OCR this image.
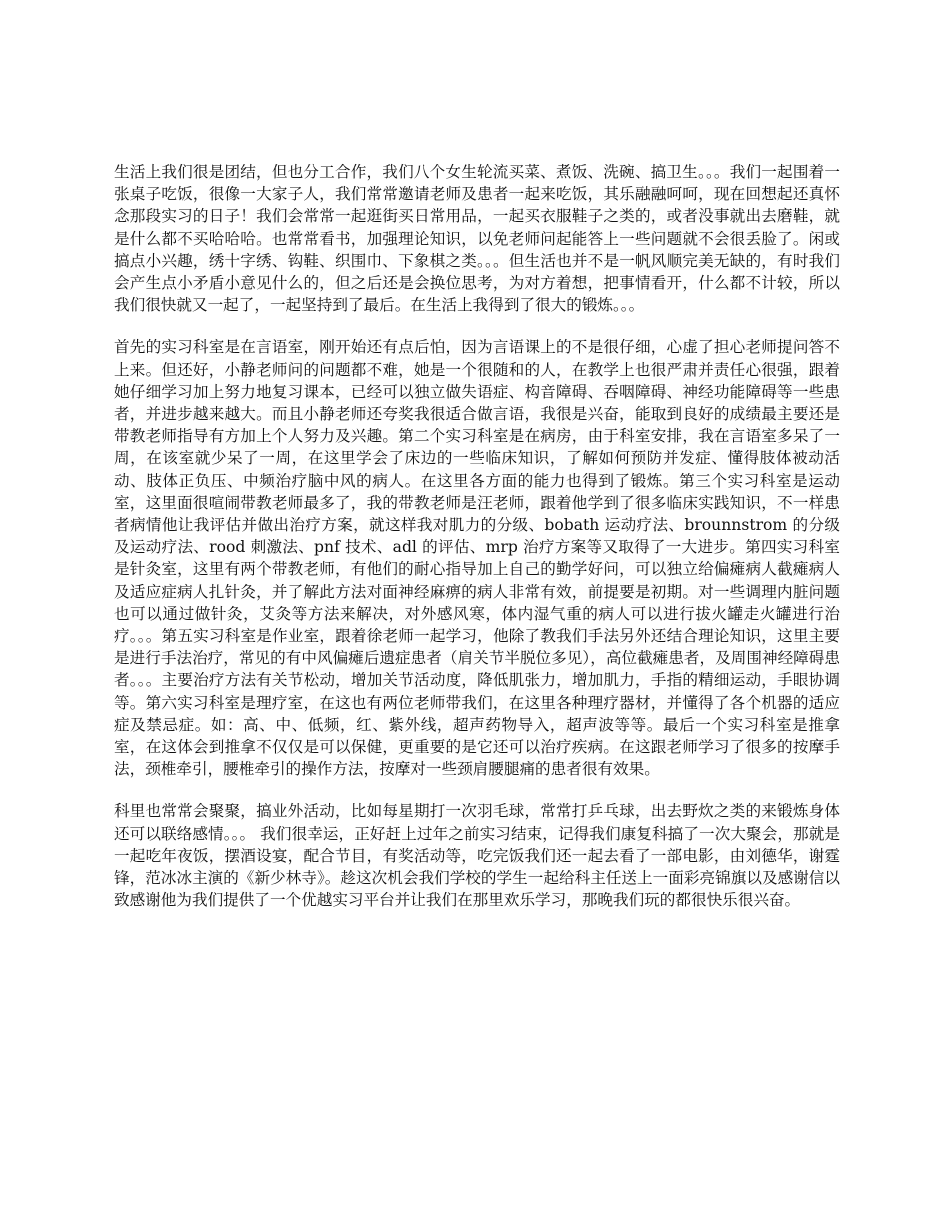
生活上我们很是团结，但也分工合作，我们八个女生轮流买菜、煮饭、洗碗、搞卫生。。。我们一起围着一张桌子吃饭，很像一大家子人，我们常常邀请老师及患者一起来吃饭，其乐融融呵呵，现在回想起还真怀念那段实习的日子！我们会常常一起逛街买日常用品，一起买衣服鞋子之类的，或者没事就出去磨鞋，就是什么都不买哈哈哈。也常常看书，加强理论知识，以免老师问起能答上一些问题就不会很丢脸了。闲或搞点小兴趣，绣十字绣、钩鞋、织围巾、下象棋之类。。。但生活也并不是一帆风顺完美无缺的，有时我们会产生点小矛盾小意见什么的，但之后还是会换位思考，为对方着想，把事情看开，什么都不计较，所以我们很快就又一起了，一起坚持到了最后。在生活上我得到了很大的锻炼。。。

首先的实习科室是在言语室，刚开始还有点后怕，因为言语课上的不是很仔细，心虚了担心老师提问答不上来。但还好，小静老师问的问题都不难，她是一个很随和的人，在教学上也很严肃并责任心很强，跟着她仔细学习加上努力地复习课本，已经可以独立做失语症、构音障碍、吞咽障碍、神经功能障碍等一些患者，并进步越来越大。而且小静老师还夸奖我很适合做言语，我很是兴奋，能取到良好的成绩最主要还是带教老师指导有方加上个人努力及兴趣。第二个实习科室是在病房，由于科室安排，我在言语室多呆了一周，在该室就少呆了一周，在这里学会了床边的一些临床知识，了解如何预防并发症、懂得肢体被动活动、肢体正负压、中频治疗脑中风的病人。在这里各方面的能力也得到了锻炼。第三个实习科室是运动室，这里面很喧闹带教老师最多了，我的带教老师是汪老师，跟着他学到了很多临床实践知识，不一样患者病情他让我评估并做出治疗方案，就这样我对肌力的分级、bobath 运动疗法、brounnstrom 的分级及运动疗法、rood 刺激法、pnf 技术、adl 的评估、mrp 治疗方案等又取得了一大进步。第四实习科室是针灸室，这里有两个带教老师，有他们的耐心指导加上自己的勤学好问，可以独立给偏瘫病人截瘫病人及适应症病人扎针灸，并了解此方法对面神经麻痹的病人非常有效，前提要是初期。对一些调理内脏问题也可以通过做针灸，艾灸等方法来解决，对外感风寒，体内湿气重的病人可以进行拔火罐走火罐进行治疗。。。第五实习科室是作业室，跟着徐老师一起学习，他除了教我们手法另外还结合理论知识，这里主要是进行手法治疗，常见的有中风偏瘫后遗症患者（肩关节半脱位多见），高位截瘫患者，及周围神经障碍患者。。。主要治疗方法有关节松动，增加关节活动度，降低肌张力，增加肌力，手指的精细运动，手眼协调等。第六实习科室是理疗室，在这也有两位老师带我们，在这里各种理疗器材，并懂得了各个机器的适应症及禁忌症。如：高、中、低频，红、紫外线，超声药物导入，超声波等等。最后一个实习科室是推拿室，在这体会到推拿不仅仅是可以保健，更重要的是它还可以治疗疾病。在这跟老师学习了很多的按摩手法，颈椎牵引，腰椎牵引的操作方法，按摩对一些颈肩腰腿痛的患者很有效果。

科里也常常会聚聚，搞业外活动，比如每星期打一次羽毛球，常常打乒乓球，出去野炊之类的来锻炼身体还可以联络感情。。。 我们很幸运，正好赶上过年之前实习结束，记得我们康复科搞了一次大聚会，那就是一起吃年夜饭，摆酒设宴，配合节目，有奖活动等，吃完饭我们还一起去看了一部电影，由刘德华，谢霆锋，范冰冰主演的《新少林寺》。趁这次机会我们学校的学生一起给科主任送上一面彩亮锦旗以及感谢信以致感谢他为我们提供了一个优越实习平台并让我们在那里欢乐学习，那晚我们玩的都很快乐很兴奋。
